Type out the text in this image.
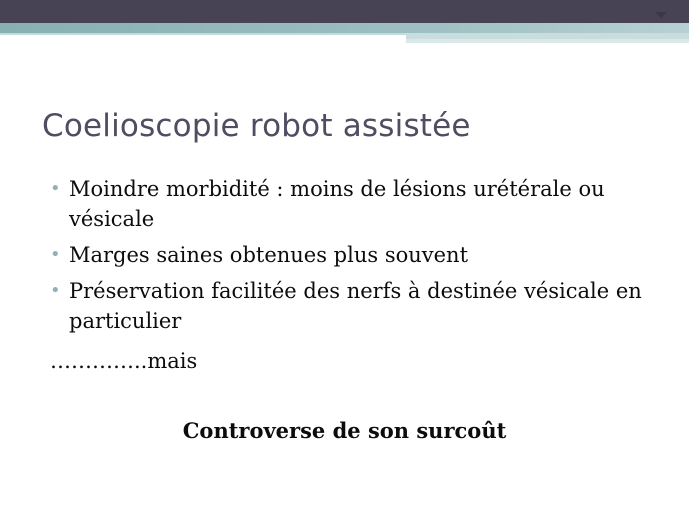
Coelioscopie robot assistée
• Moindre morbidité : moins de lésions urétérale ou vésicale
• Marges saines obtenues plus souvent
• Préservation facilitée des nerfs à destinée vésicale en particulier
…………..mais
Controverse de son surcoût
